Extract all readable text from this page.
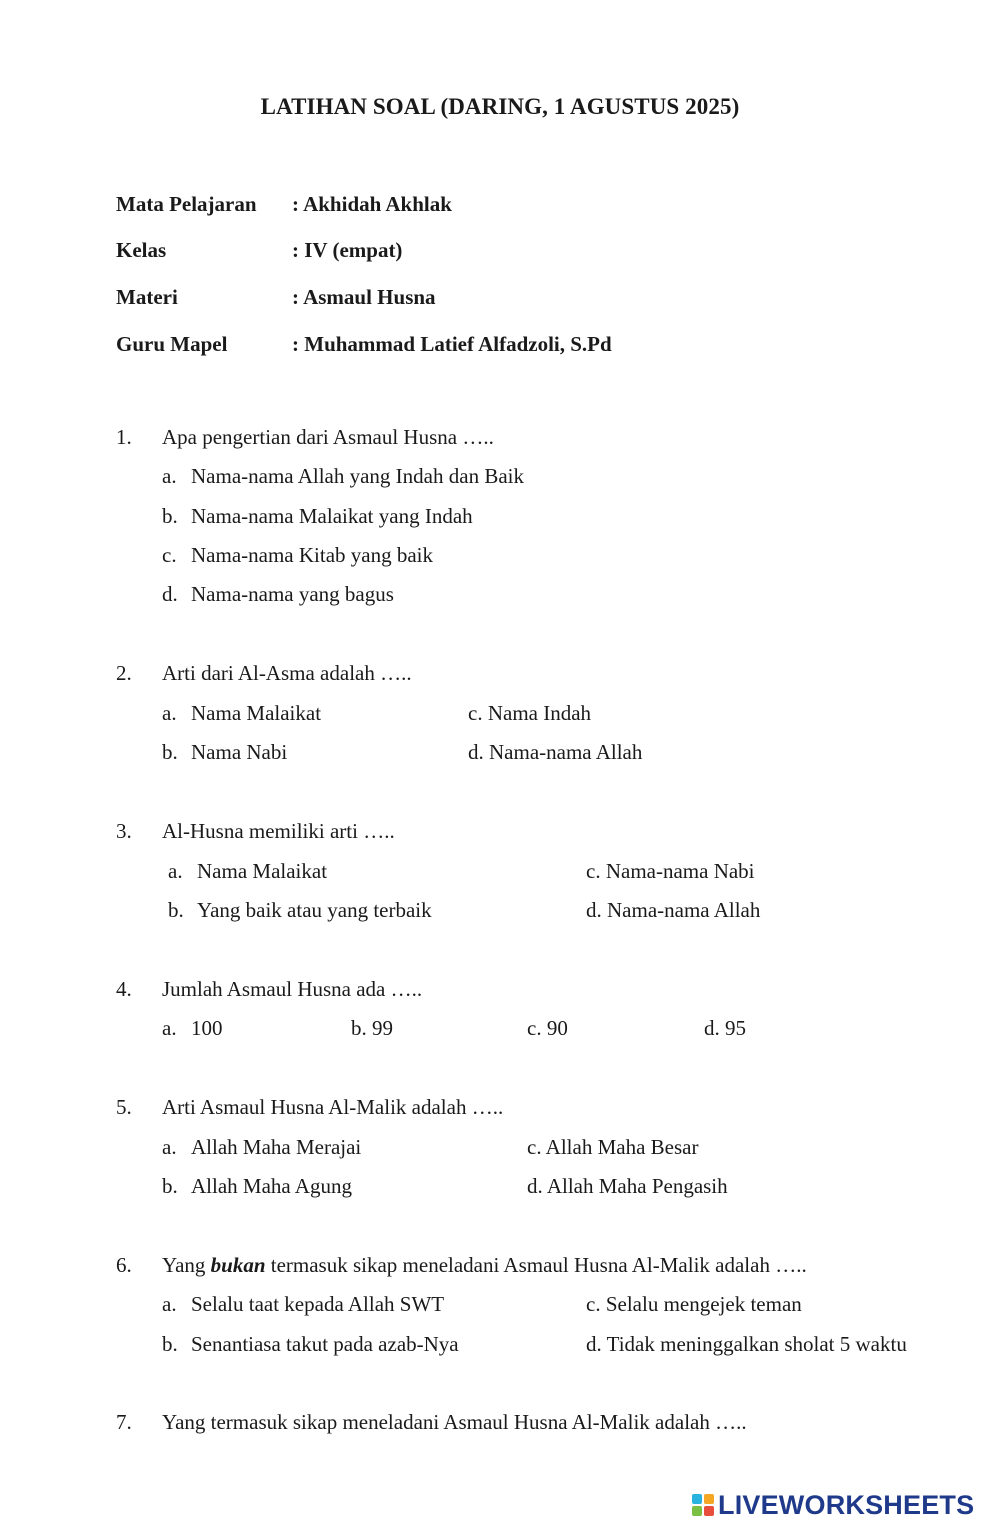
LATIHAN SOAL (DARING, 1 AGUSTUS 2025)
Mata Pelajaran : Akhidah Akhlak
Kelas	: IV (empat)
Materi	: Asmaul Husna
Guru Mapel	: Muhammad Latief Alfadzoli, S.Pd
1. Apa pengertian dari Asmaul Husna …..
a. Nama-nama Allah yang Indah dan Baik
b. Nama-nama Malaikat yang Indah
c. Nama-nama Kitab yang baik
d. Nama-nama yang bagus
2. Arti dari Al-Asma adalah …..
a. Nama Malaikat	c. Nama Indah
b. Nama Nabi	d. Nama-nama Allah
3. Al-Husna memiliki arti …..
a. Nama Malaikat	c. Nama-nama Nabi
b. Yang baik atau yang terbaik	d. Nama-nama Allah
4. Jumlah Asmaul Husna ada …..
a. 100	b. 99	c. 90	d. 95
5. Arti Asmaul Husna Al-Malik adalah …..
a. Allah Maha Merajai	c. Allah Maha Besar
b. Allah Maha Agung	d. Allah Maha Pengasih
6. Yang bukan termasuk sikap meneladani Asmaul Husna Al-Malik adalah …..
a. Selalu taat kepada Allah SWT	c. Selalu mengejek teman
b. Senantiasa takut pada azab-Nya	d. Tidak meninggalkan sholat 5 waktu
7. Yang termasuk sikap meneladani Asmaul Husna Al-Malik adalah …..
LIVEWORKSHEETS
